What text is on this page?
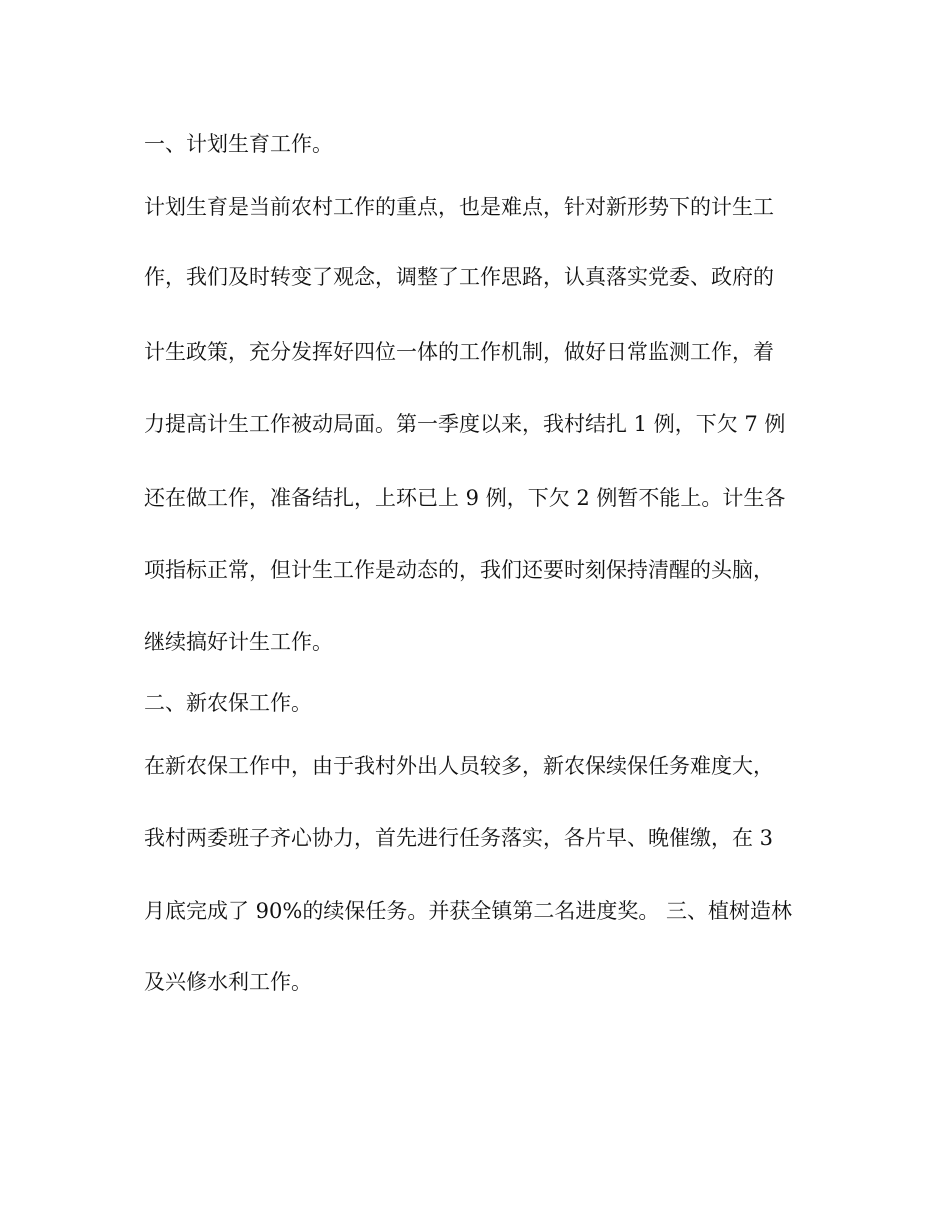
一、计划生育工作。

计划生育是当前农村工作的重点，也是难点，针对新形势下的计生工

作，我们及时转变了观念，调整了工作思路，认真落实党委、政府的

计生政策，充分发挥好四位一体的工作机制，做好日常监测工作，着

力提高计生工作被动局面。第一季度以来，我村结扎 1 例，下欠 7 例

还在做工作，准备结扎，上环已上 9 例，下欠 2 例暂不能上。计生各

项指标正常，但计生工作是动态的，我们还要时刻保持清醒的头脑，

继续搞好计生工作。

二、新农保工作。

在新农保工作中，由于我村外出人员较多，新农保续保任务难度大，

我村两委班子齐心协力，首先进行任务落实，各片早、晚催缴，在 3

月底完成了 90%的续保任务。并获全镇第二名进度奖。 三、植树造林

及兴修水利工作。
